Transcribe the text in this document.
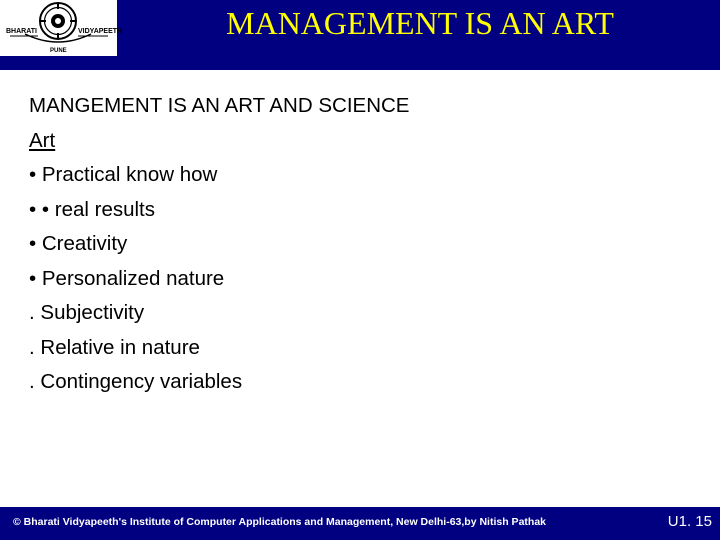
BHARATI	VIDYAPEETH
PUNE
MANAGEMENT IS AN ART
MANGEMENT IS AN ART AND SCIENCE
Art
• Practical know how
• • real results
• Creativity
• Personalized nature
. Subjectivity
. Relative in nature
. Contingency variables
© Bharati Vidyapeeth's Institute of Computer Applications and Management, New Delhi-63,by Nitish Pathak	U1. 15
